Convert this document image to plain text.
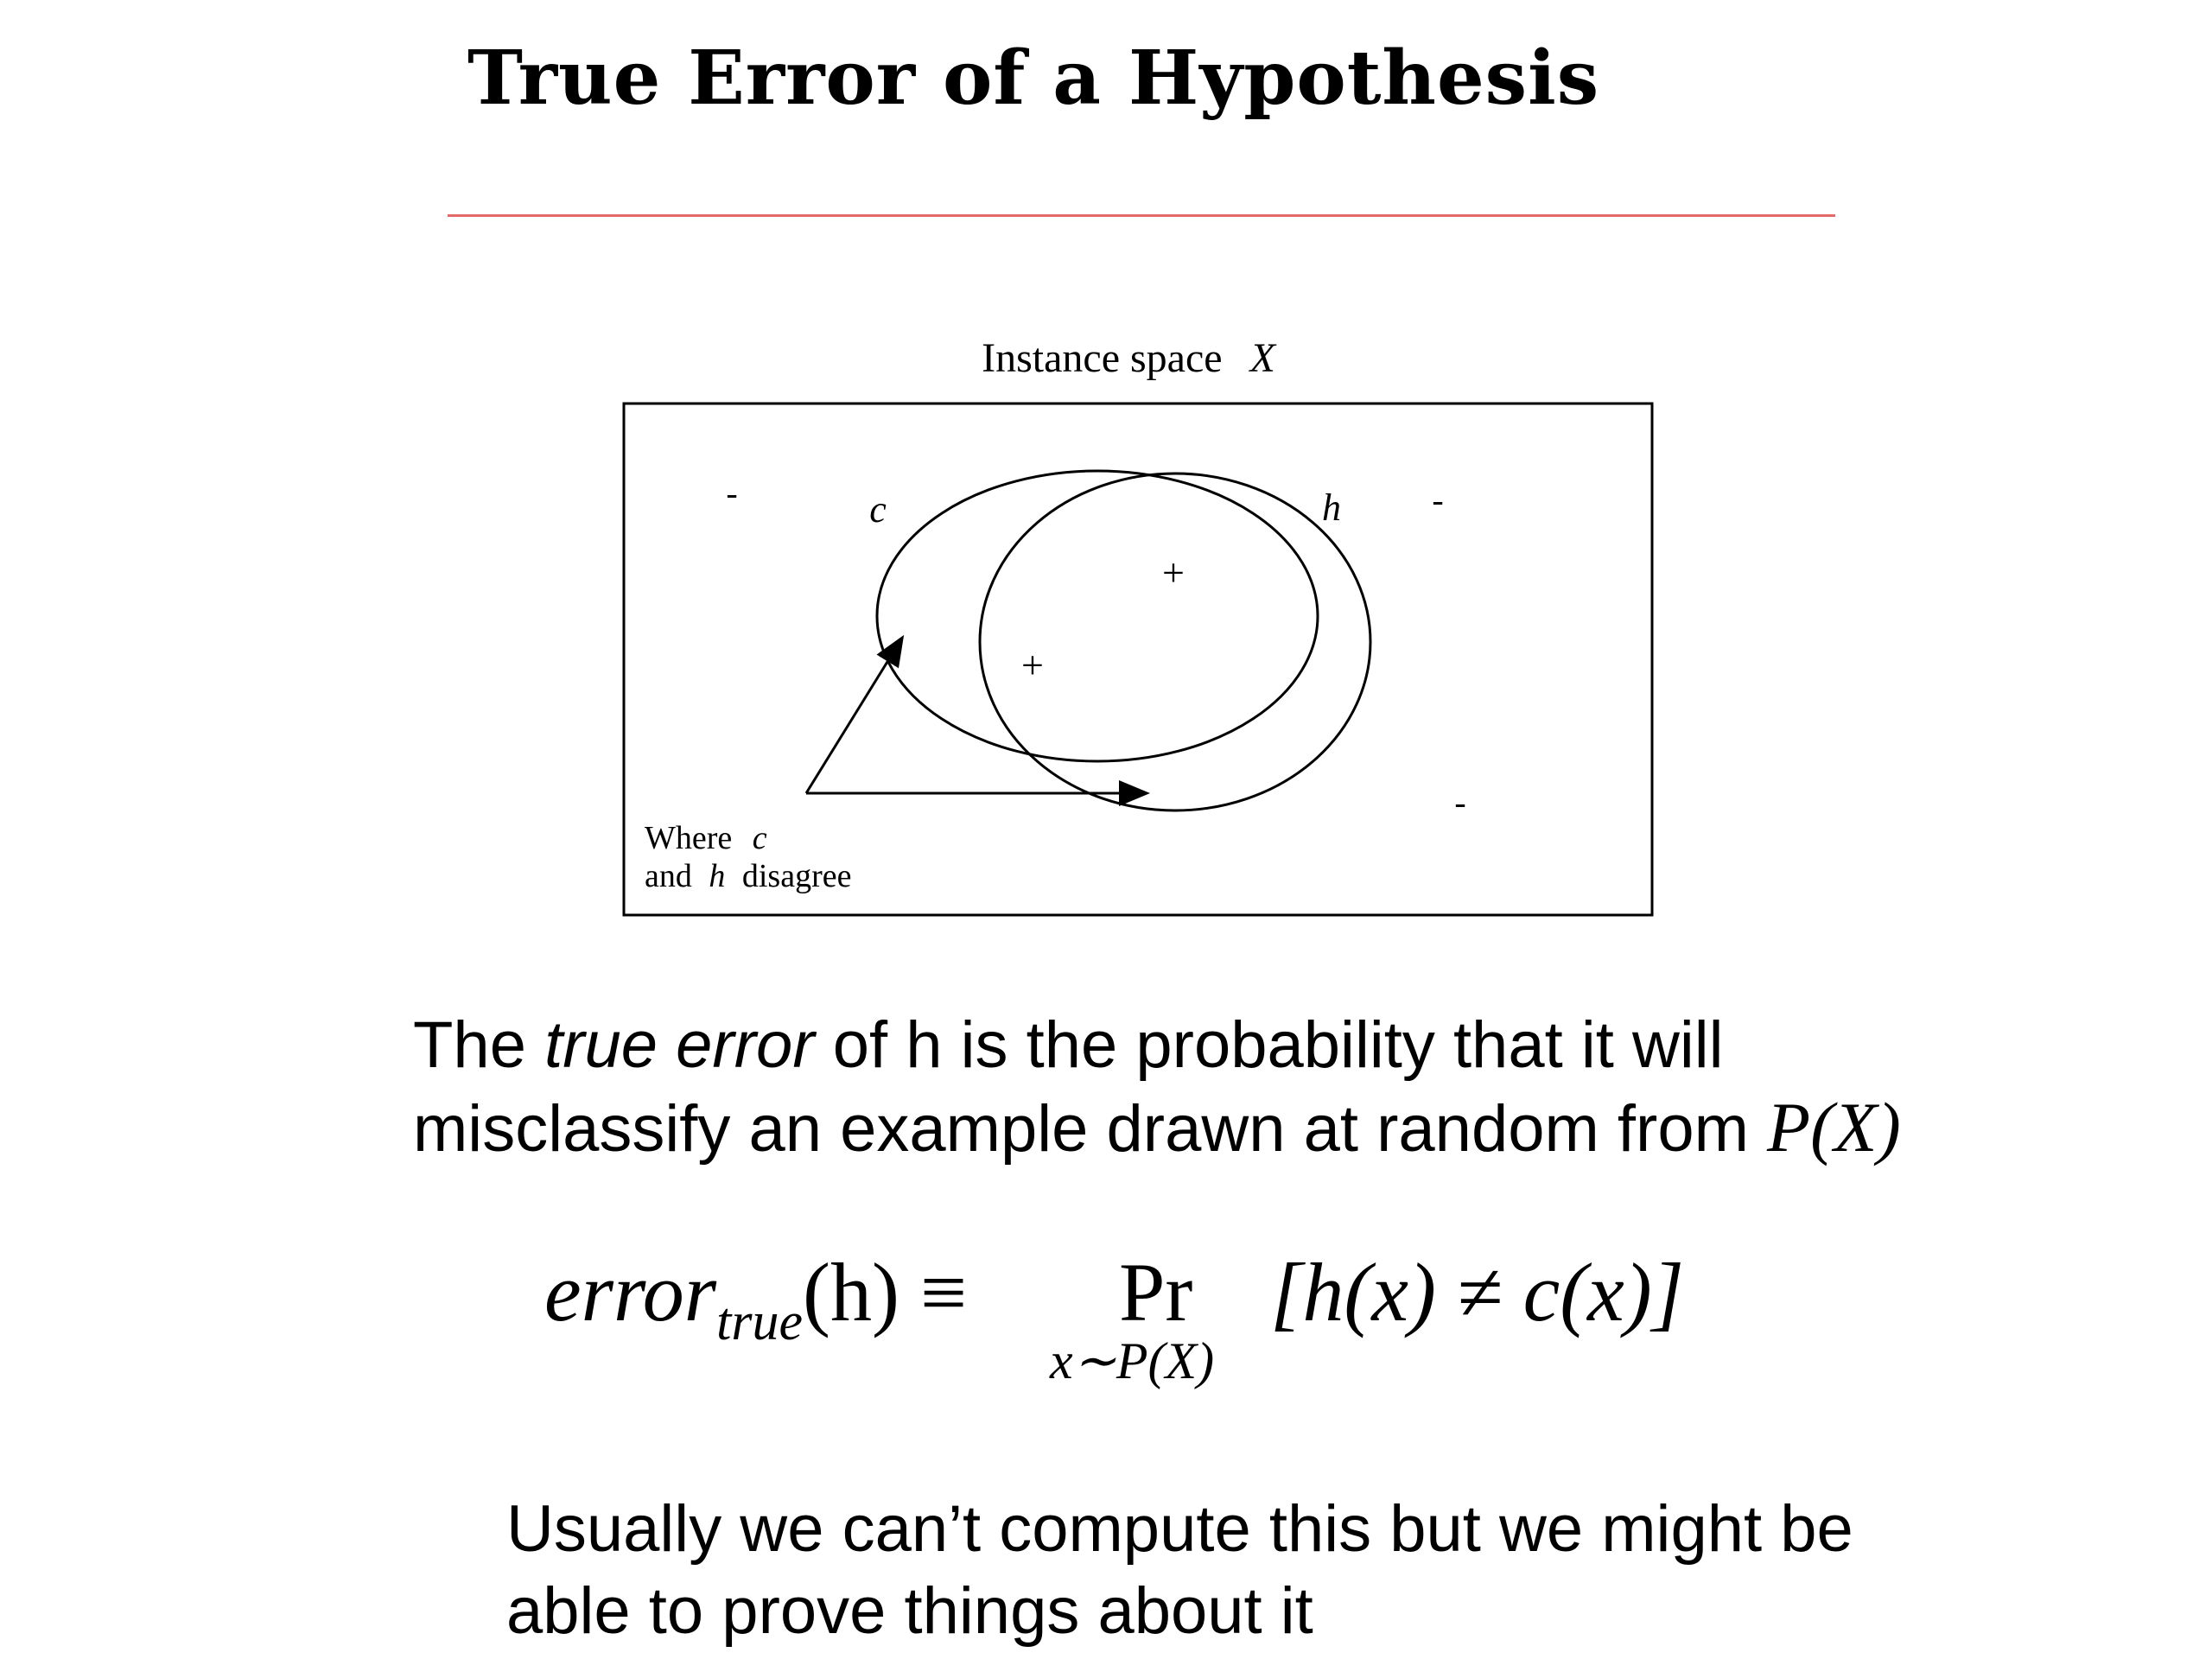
True Error of a Hypothesis
Instance space X
c	h
+
+
-	-
-
Where c
and h disagree
The true error of h is the probability that it will
misclassify an example drawn at random from P(X)
error$_{true}$(h) ≡ Pr
x∼P(X)
[h(x) ≠ c(x)]
Usually we can’t compute this but we might be
able to prove things about it
